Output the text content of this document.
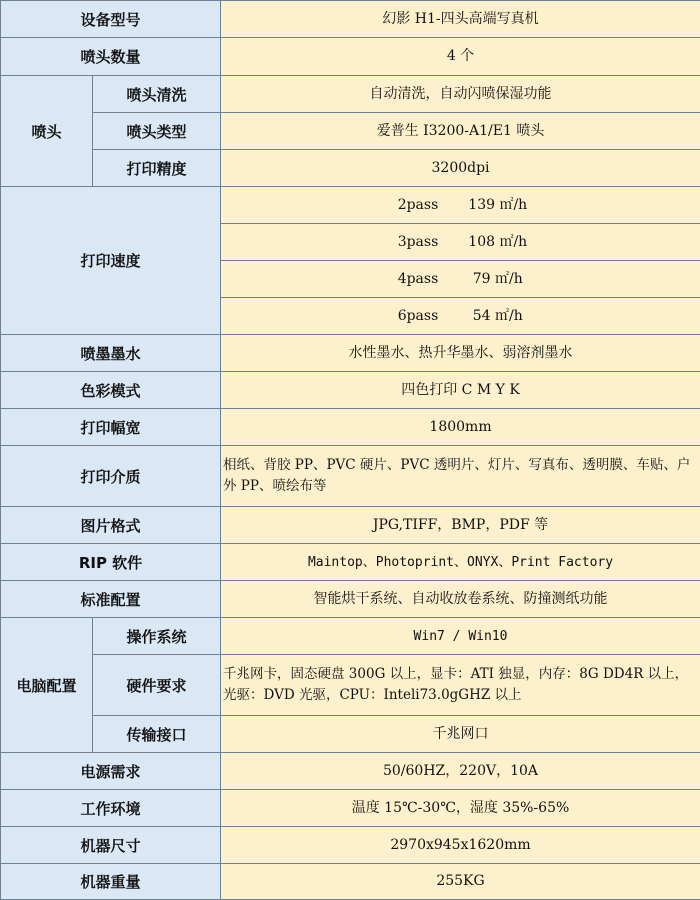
设备型号		幻影 H1-四头高端写真机
喷头数量		4 个
喷头	喷头清洗	自动清洗，自动闪喷保湿功能
	喷头类型	爱普生 I3200-A1/E1 喷头
	打印精度	3200dpi
打印速度		2pass 139 ㎡/h
		3pass 108 ㎡/h
		4pass 79 ㎡/h
		6pass 54 ㎡/h
喷墨墨水		水性墨水、热升华墨水、弱溶剂墨水
色彩模式		四色打印 C M Y K
打印幅宽		1800mm
打印介质		相纸、背胶 PP、PVC 硬片、PVC 透明片、灯片、写真布、透明膜、车贴、户外 PP、喷绘布等
图片格式		JPG,TIFF，BMP，PDF 等
RIP 软件		Maintop、Photoprint、ONYX、Print Factory
标准配置		智能烘干系统、自动收放卷系统、防撞测纸功能
电脑配置	操作系统	Win7 / Win10
	硬件要求	千兆网卡，固态硬盘 300G 以上，显卡：ATI 独显，内存：8G DD4R 以上，光驱：DVD 光驱，CPU：Inteli73.0gGHZ 以上
	传输接口	千兆网口
电源需求		50/60HZ，220V，10A
工作环境		温度 15℃-30℃，湿度 35%-65%
机器尺寸		2970x945x1620mm
机器重量		255KG
